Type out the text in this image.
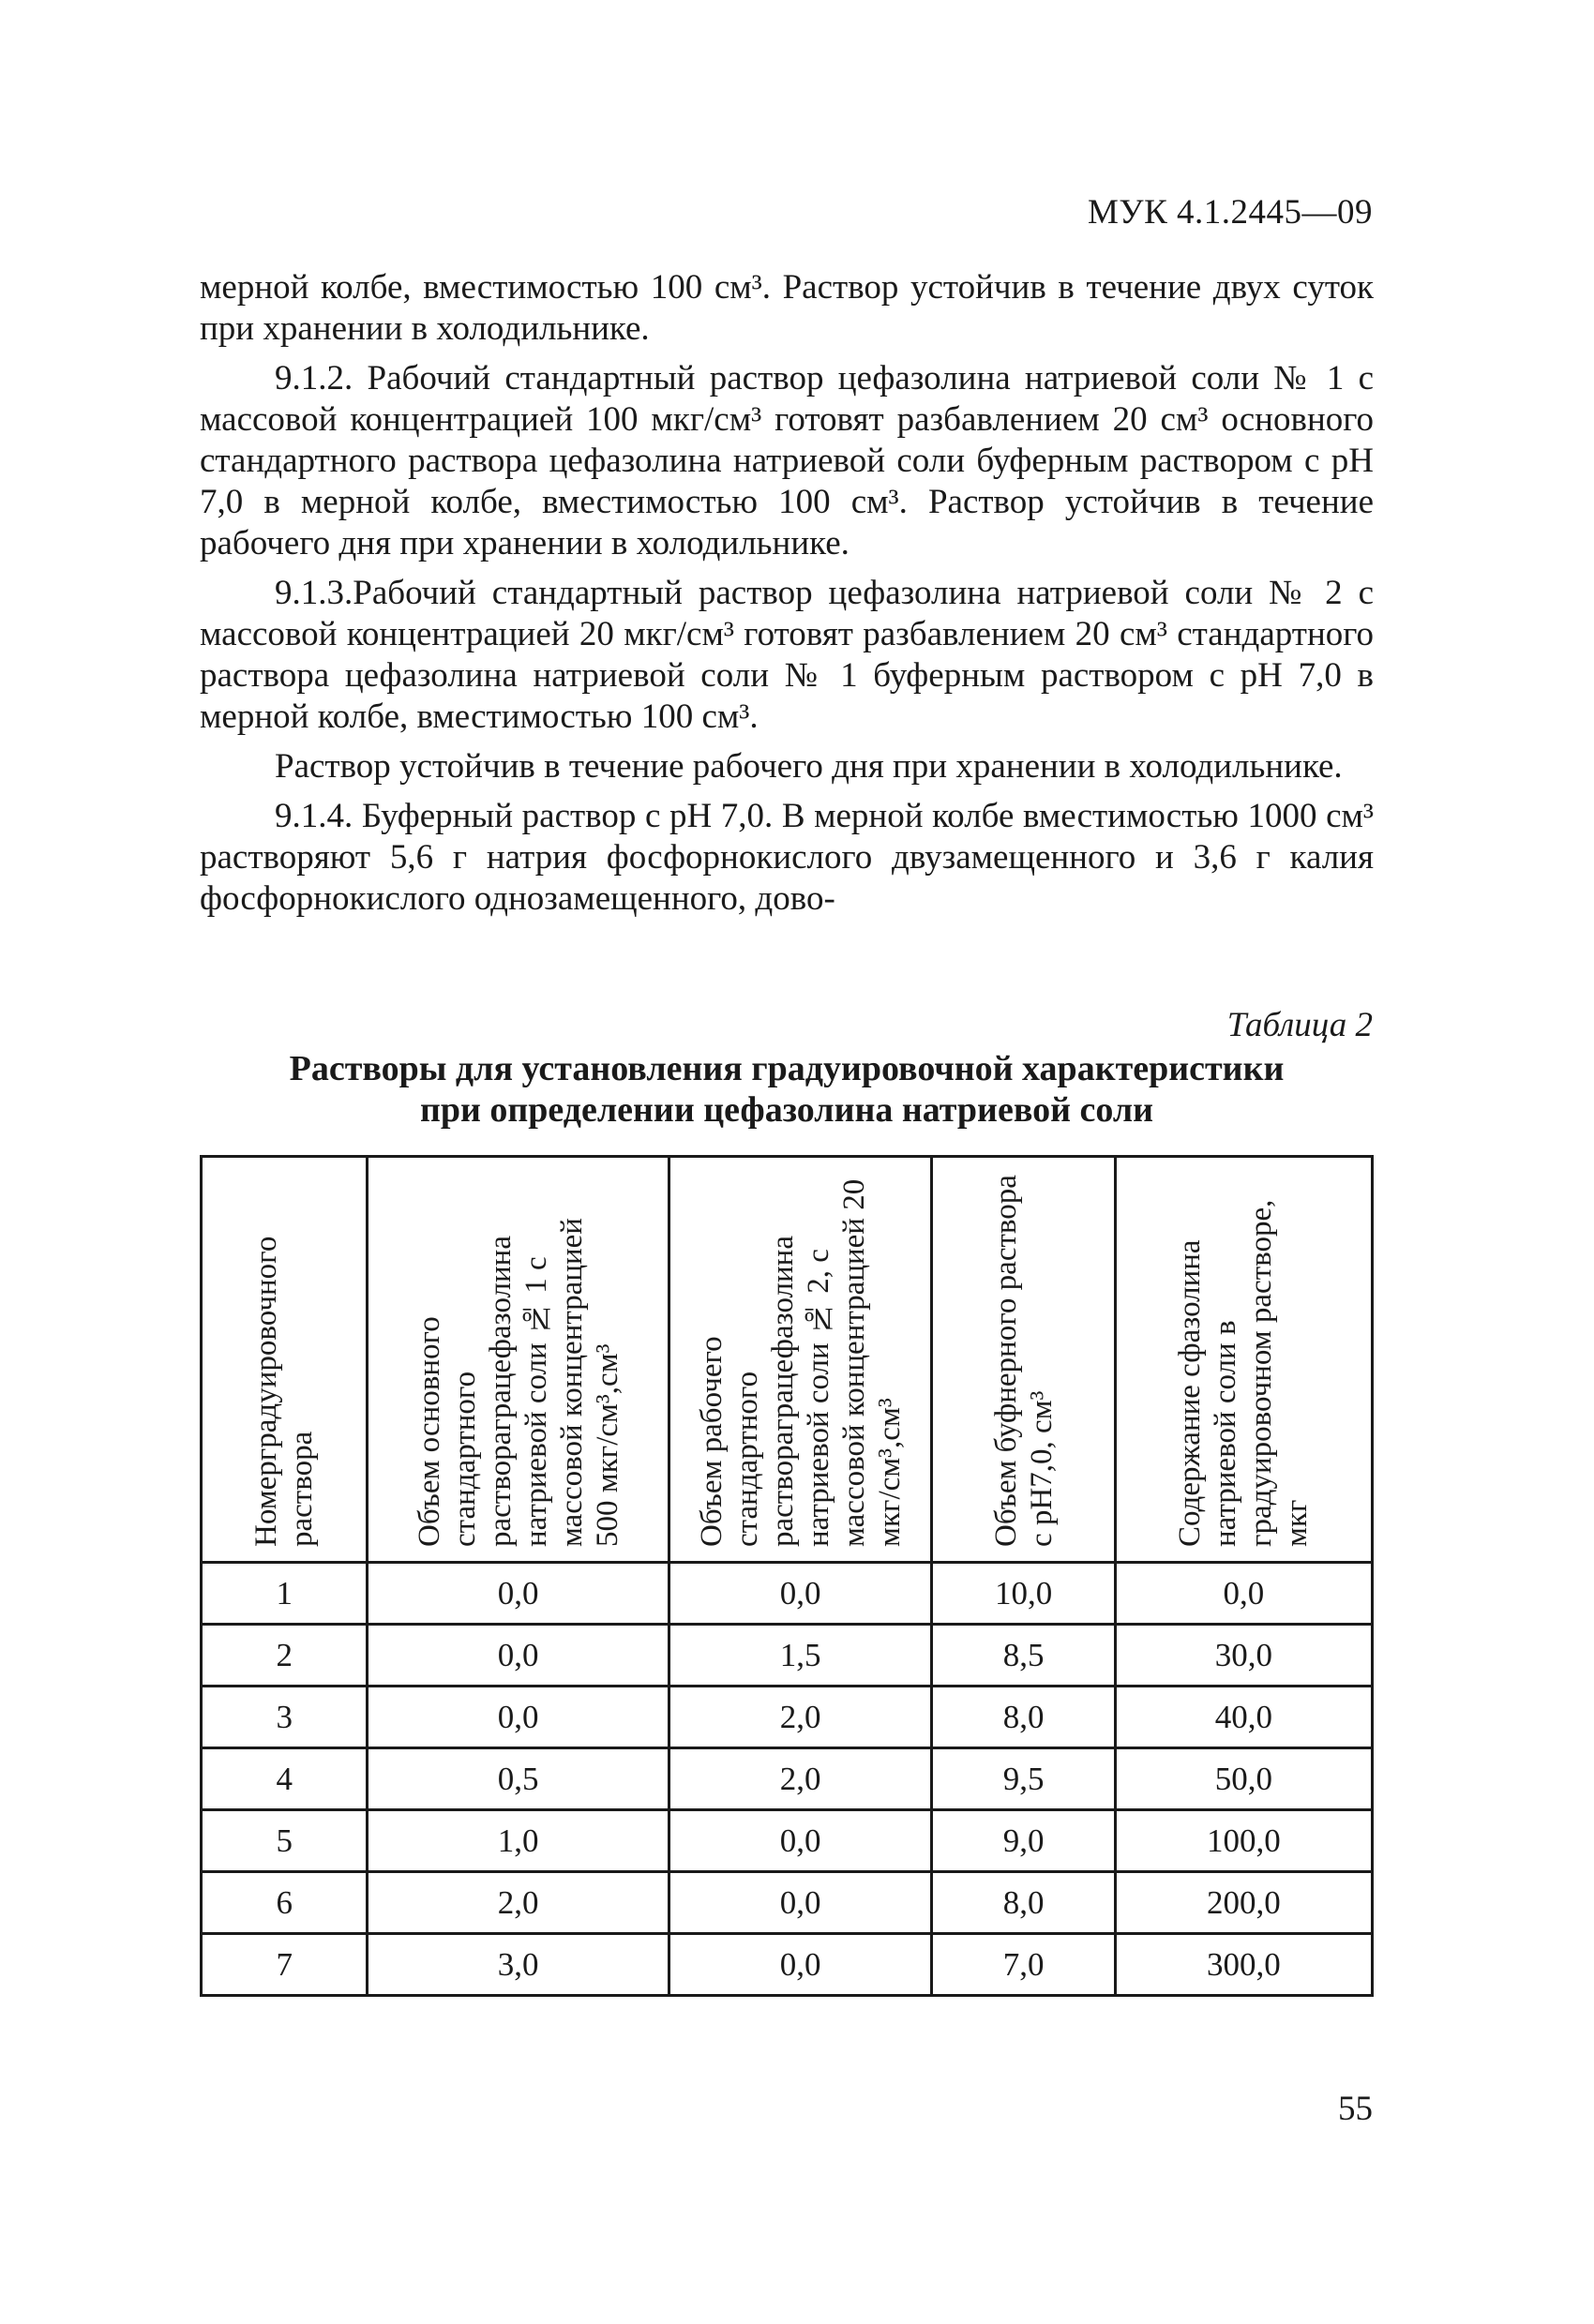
МУК 4.1.2445—09

мерной колбе, вместимостью 100 см³. Раствор устойчив в течение двух суток при хранении в холодильнике.

9.1.2. Рабочий стандартный раствор цефазолина натриевой соли № 1 с массовой концентрацией 100 мкг/см³ готовят разбавлением 20 см³ основного стандартного раствора цефазолина натриевой соли буферным раствором с рН 7,0 в мерной колбе, вместимостью 100 см³. Раствор устойчив в течение рабочего дня при хранении в холодильнике.

9.1.3.Рабочий стандартный раствор цефазолина натриевой соли № 2 с массовой концентрацией 20 мкг/см³ готовят разбавлением 20 см³ стандартного раствора цефазолина натриевой соли № 1 буферным раствором с рН 7,0 в мерной колбе, вместимостью 100 см³.

Раствор устойчив в течение рабочего дня при хранении в холодильнике.

9.1.4. Буферный раствор с рН 7,0. В мерной колбе вместимостью 1000 см³ растворяют 5,6 г натрия фосфорнокислого двузамещенного и 3,6 г калия фосфорнокислого однозамещенного, дово-

Таблица 2
Растворы для установления градуировочной характеристики
при определении цефазолина натриевой соли
Номерградуировочного раствора	Объем основного стандартного раствораграцефазолина натриевой соли № 1 с массовой концентрацией 500 мкг/см³,см³	Объем рабочего стандартного раствораграцефазолина натриевой соли № 2, с массовой концентрацией 20 мкг/см³,см³	Объем буфнерного раствора с рН7,0, см³	Содержание сфазолина натриевой соли в градуировочном растворе, мкг

1	0,0	0,0	10,0	0,0
2	0,0	1,5	8,5	30,0
3	0,0	2,0	8,0	40,0
4	0,5	2,0	9,5	50,0
5	1,0	0,0	9,0	100,0
6	2,0	0,0	8,0	200,0
7	3,0	0,0	7,0	300,0
55
